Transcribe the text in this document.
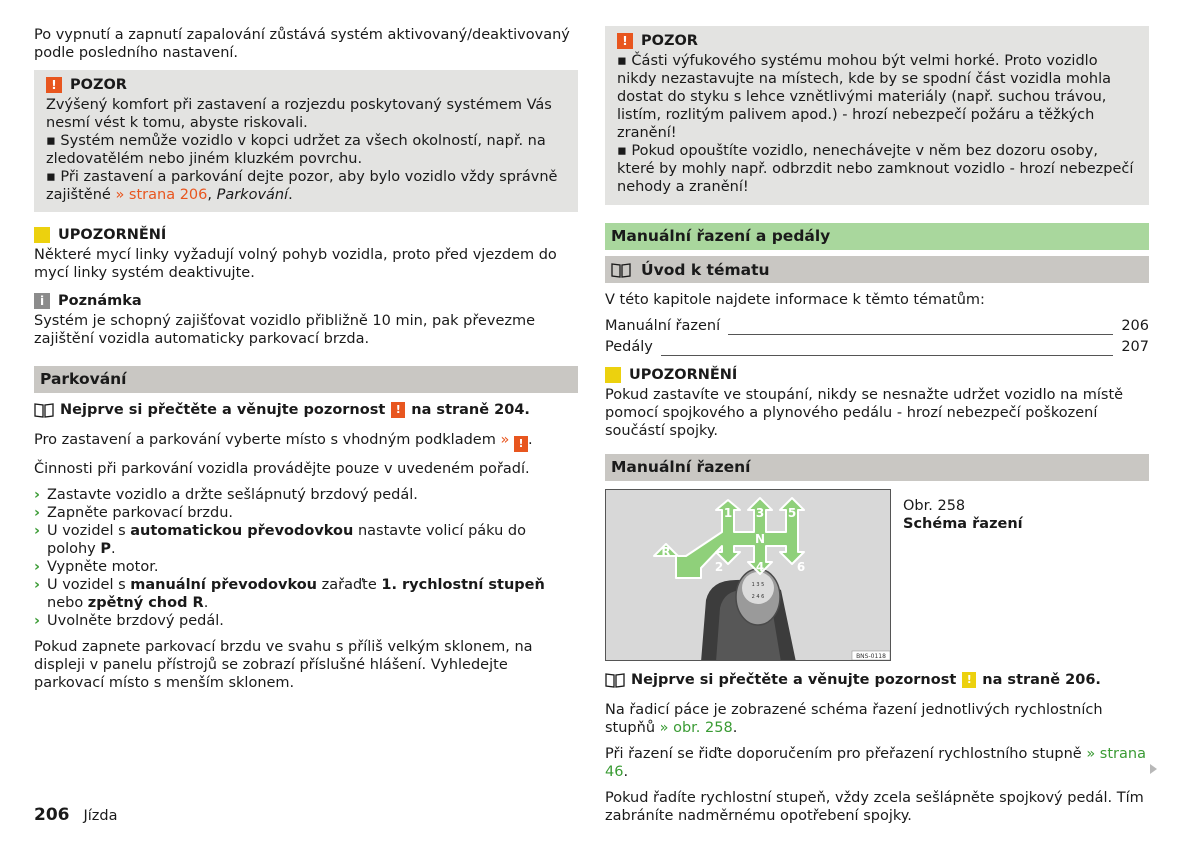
Po vypnutí a zapnutí zapalování zůstává systém aktivovaný/deaktivovaný podle posledního nastavení.

! POZOR
Zvýšený komfort při zastavení a rozjezdu poskytovaný systémem Vás nesmí vést k tomu, abyste riskovali.
▪ Systém nemůže vozidlo v kopci udržet za všech okolností, např. na zledovatělém nebo jiném kluzkém povrchu.
▪ Při zastavení a parkování dejte pozor, aby bylo vozidlo vždy správně zajištěné » strana 206, Parkování.
! UPOZORNĚNÍ

Některé mycí linky vyžadují volný pohyb vozidla, proto před vjezdem do mycí linky systém deaktivujte.

i Poznámka

Systém je schopný zajišťovat vozidlo přibližně 10 min, pak převezme zajištění vozidla automaticky parkovací brzda.

Parkování
Nejprve si přečtěte a věnujte pozornost ! na straně 204.

Pro zastavení a parkování vyberte místo s vhodným podkladem » ! .

Činnosti při parkování vozidla provádějte pouze v uvedeném pořadí.

› Zastavte vozidlo a držte sešlápnutý brzdový pedál.
› Zapněte parkovací brzdu.
› U vozidel s automatickou převodovkou nastavte volicí páku do polohy P.
› Vypněte motor.
› U vozidel s manuální převodovkou zařaďte 1. rychlostní stupeň nebo zpětný chod R.
› Uvolněte brzdový pedál.

Pokud zapnete parkovací brzdu ve svahu s příliš velkým sklonem, na displeji v panelu přístrojů se zobrazí příslušné hlášení. Vyhledejte parkovací místo s menším sklonem.

! POZOR
▪ Části výfukového systému mohou být velmi horké. Proto vozidlo nikdy nezastavujte na místech, kde by se spodní část vozidla mohla dostat do styku s lehce vznětlivými materiály (např. suchou trávou, listím, rozlitým palivem apod.) - hrozí nebezpečí požáru a těžkých zranění!
▪ Pokud opouštíte vozidlo, nenechávejte v něm bez dozoru osoby, které by mohly např. odbrzdit nebo zamknout vozidlo - hrozí nebezpečí nehody a zranění!
Manuální řazení a pedály
Úvod k tématu

V této kapitole najdete informace k těmto tématům:

Manuální řazení	206
Pedály	207
! UPOZORNĚNÍ

Pokud zastavíte ve stoupání, nikdy se nesnažte udržet vozidlo na místě pomocí spojkového a plynového pedálu - hrozí nebezpečí poškození součástí spojky.

Manuální řazení
1 3 5
2 4 6
1 3 5
N
R
2	4	6
BNS-0118
Obr. 258
Schéma řazení
Nejprve si přečtěte a věnujte pozornost ! na straně 206.

Na řadicí páce je zobrazené schéma řazení jednotlivých rychlostních stupňů » obr. 258.

Při řazení se řiďte doporučením pro přeřazení rychlostního stupně » strana 46.

Pokud řadíte rychlostní stupeň, vždy zcela sešlápněte spojkový pedál. Tím zabráníte nadměrnému opotřebení spojky.

206 Jízda
